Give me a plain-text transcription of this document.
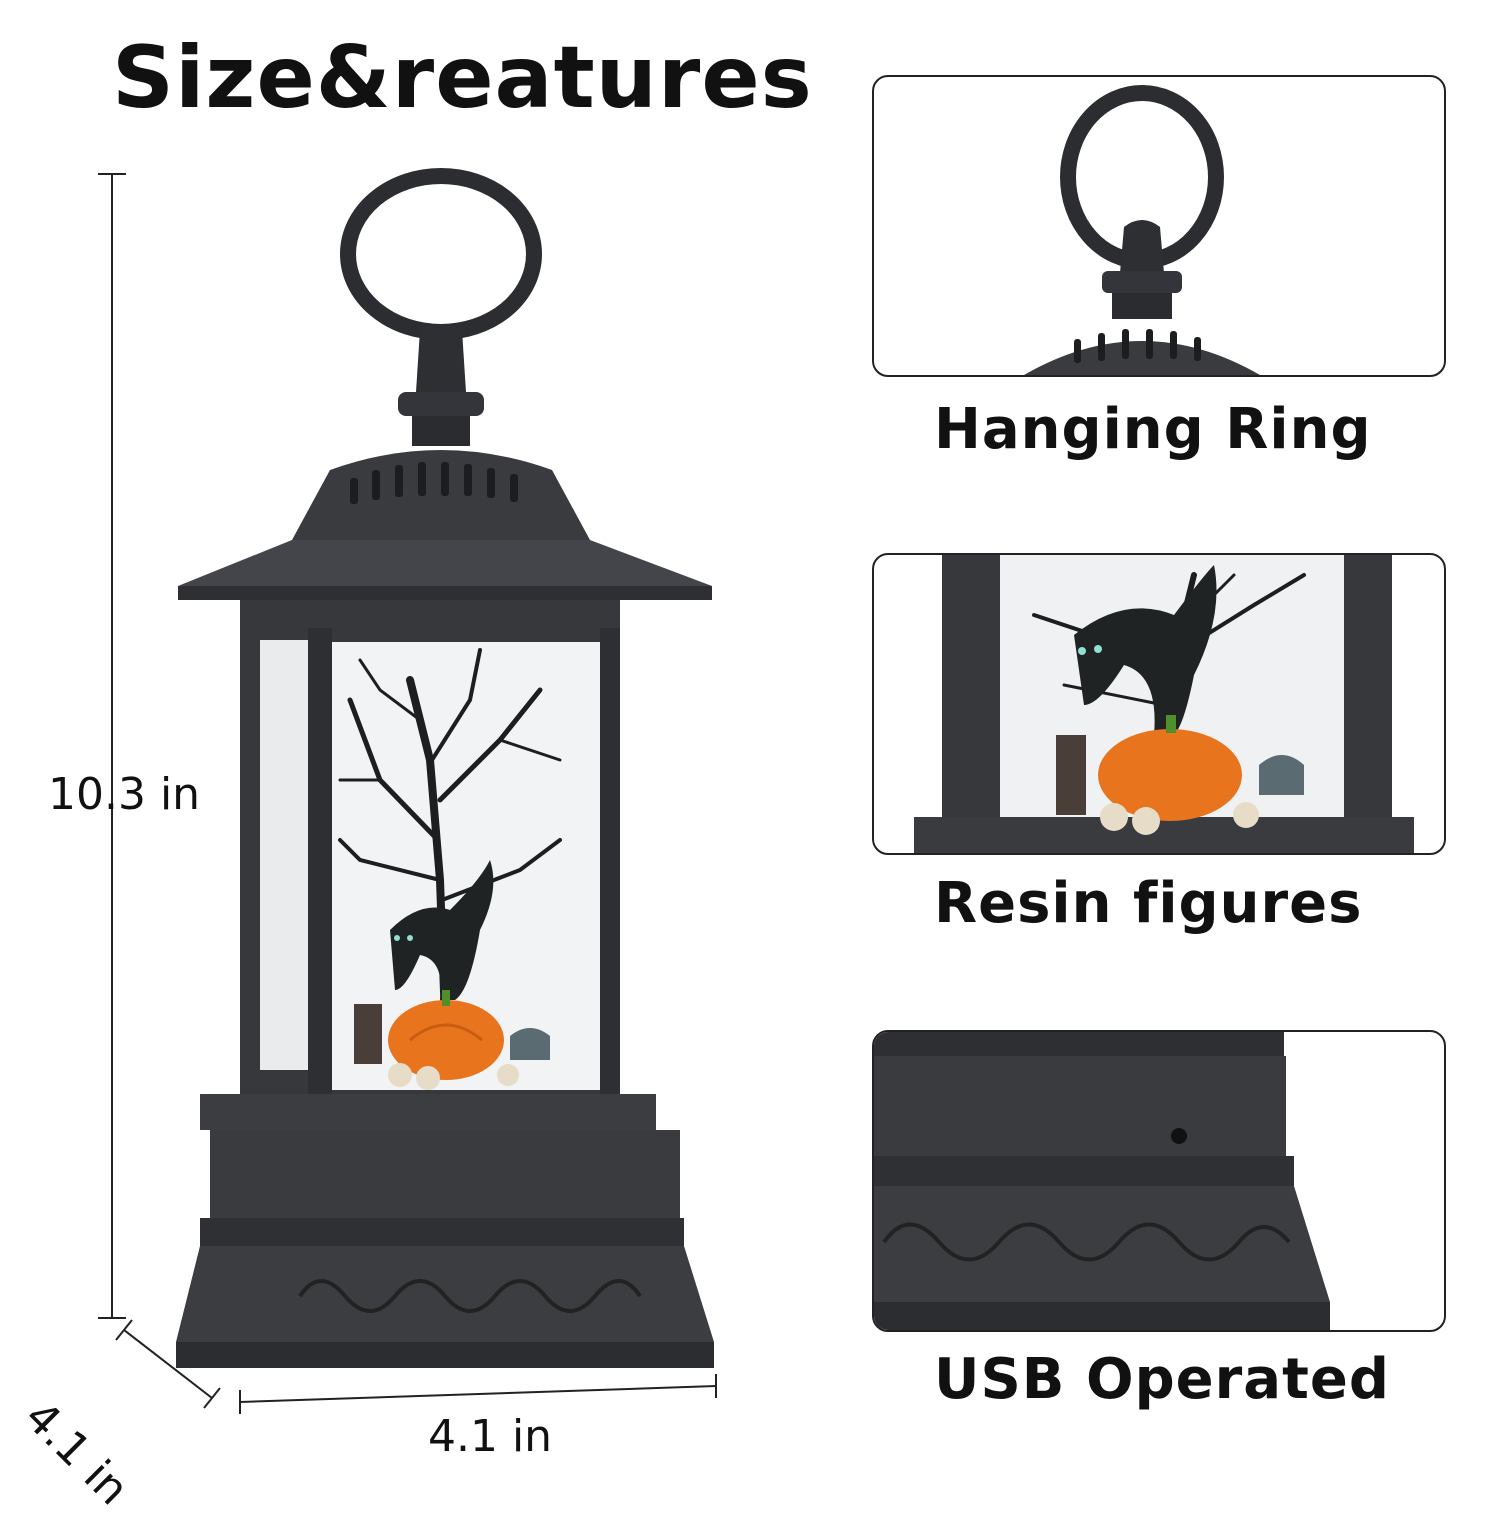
Size&reatures
10.3 in
4.1 in
4.1 in
Hanging Ring
Resin figures
USB Operated
